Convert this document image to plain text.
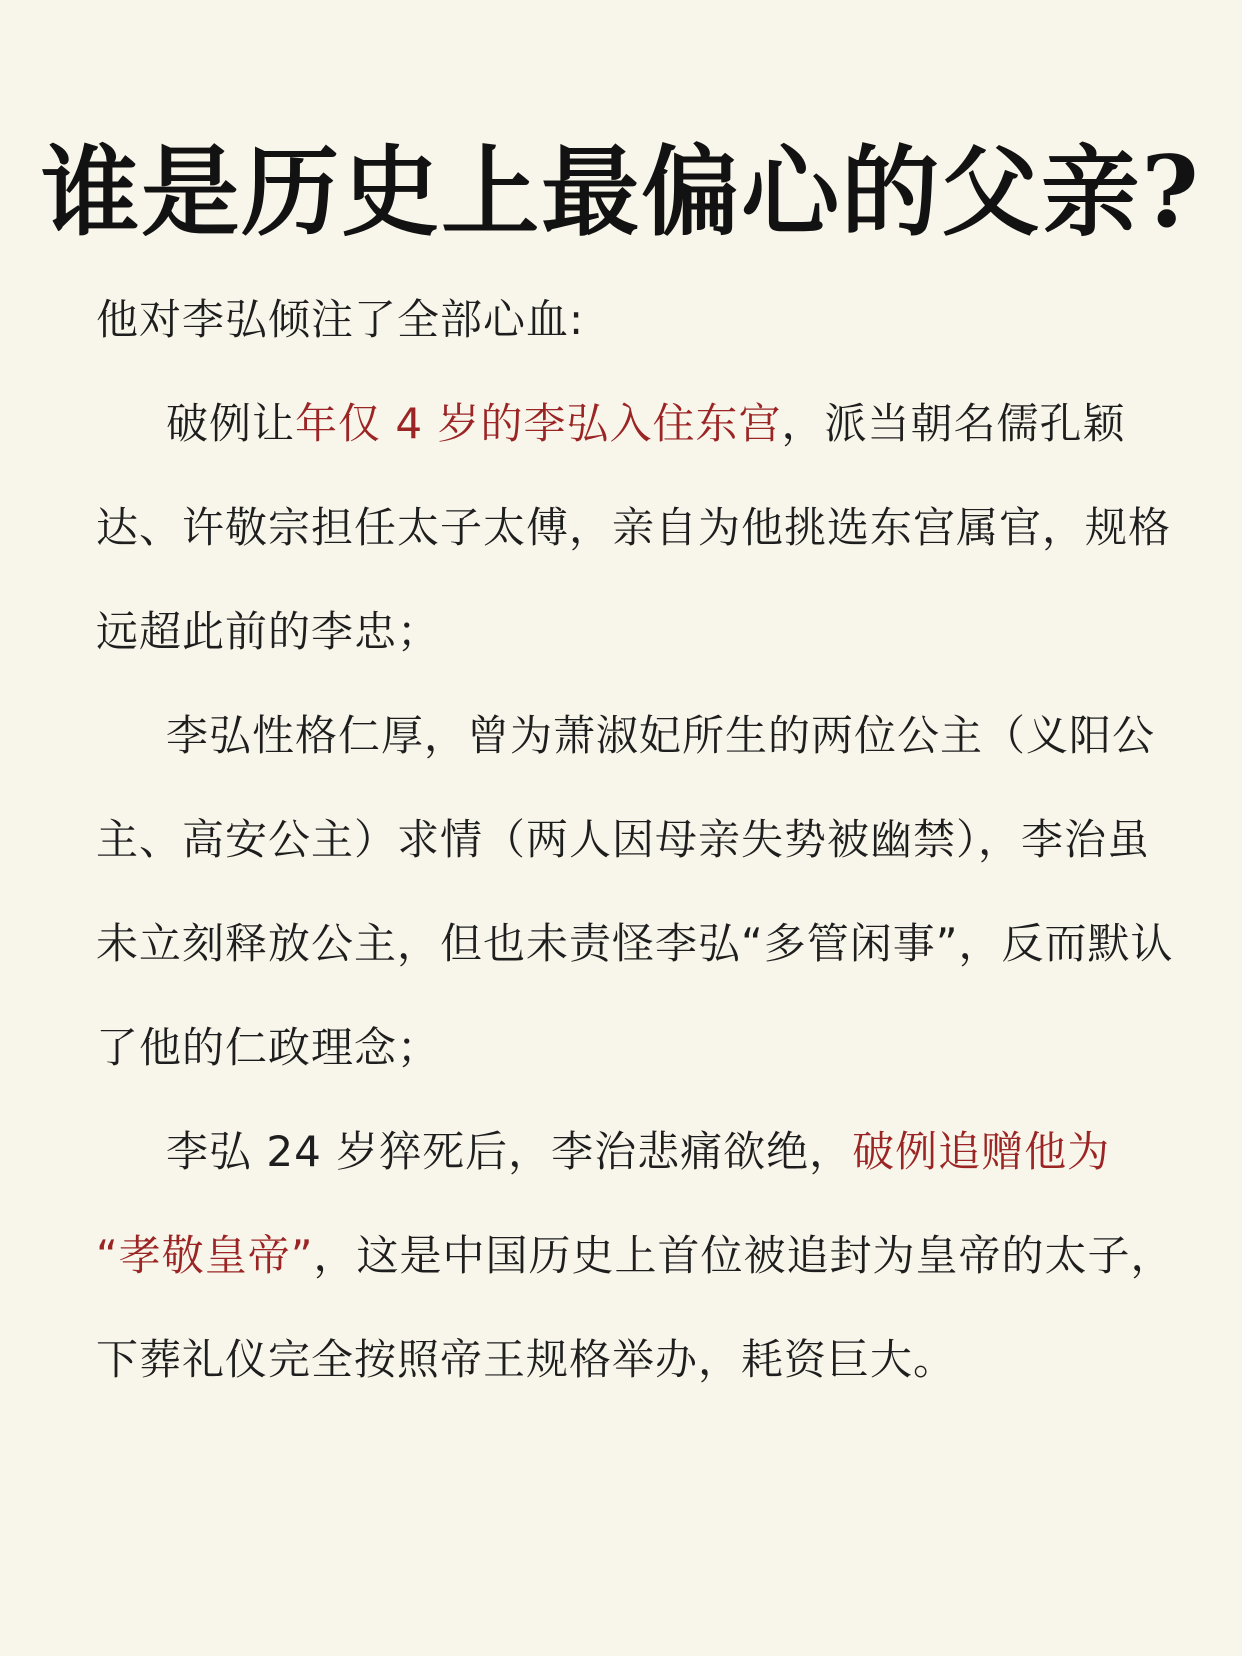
谁是历史上最偏心的父亲?

他对李弘倾注了全部心血:

破例让年仅 4 岁的李弘入住东宫，派当朝名儒孔颖达、许敬宗担任太子太傅，亲自为他挑选东宫属官，规格远超此前的李忠；

李弘性格仁厚，曾为萧淑妃所生的两位公主（义阳公主、高安公主）求情（两人因母亲失势被幽禁），李治虽未立刻释放公主，但也未责怪李弘“多管闲事”，反而默认了他的仁政理念；

李弘 24 岁猝死后，李治悲痛欲绝，破例追赠他为 “孝敬皇帝”，这是中国历史上首位被追封为皇帝的太子，下葬礼仪完全按照帝王规格举办，耗资巨大。
